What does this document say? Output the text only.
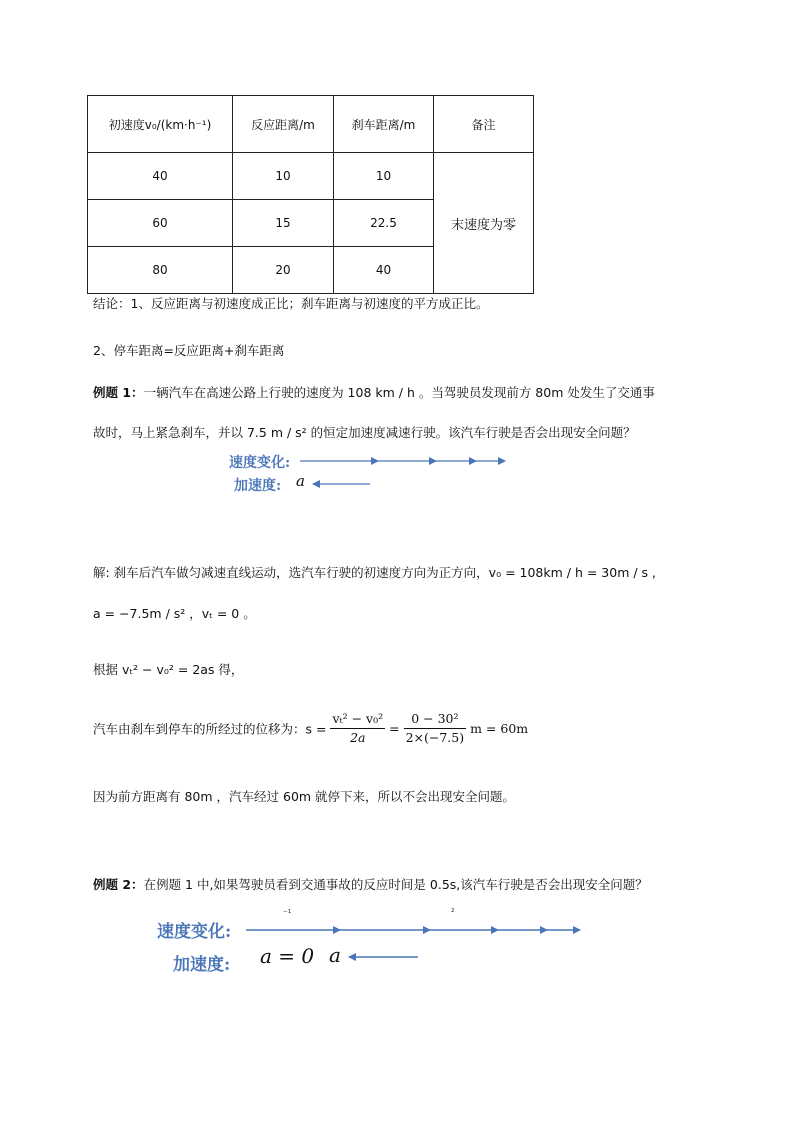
初速度v₀/(km·h⁻¹)	反应距离/m	刹车距离/m	备注
40	10	10	末速度为零
60	15	22.5	
80	20	40	
结论：1、反应距离与初速度成正比；刹车距离与初速度的平方成正比。
2、停车距离=反应距离+刹车距离
例题 1：一辆汽车在高速公路上行驶的速度为 108 km / h 。当驾驶员发现前方 80m 处发生了交通事
故时，马上紧急刹车，并以 7.5 m / s² 的恒定加速度减速行驶。该汽车行驶是否会出现安全问题？
速度变化:
加速度: a
解: 刹车后汽车做匀减速直线运动，选汽车行驶的初速度方向为正方向，v₀ = 108km / h = 30m / s ,
a = −7.5m / s² ，vₜ = 0 。
根据 vₜ² − v₀² = 2as 得，
汽车由刹车到停车的所经过的位移为：$s = \frac{\text{vₜ² − v₀²}}{2a} = \frac{\text{0 − 30²}}{2\times(-7.5)}$ m = 60m
因为前方距离有 80m ，汽车经过 60m 就停下来，所以不会出现安全问题。
例题 2：在例题 1 中,如果驾驶员看到交通事故的反应时间是 0.5s,该汽车行驶是否会出现安全问题？
⁻¹	²
速度变化:
加速度: a = 0 a
